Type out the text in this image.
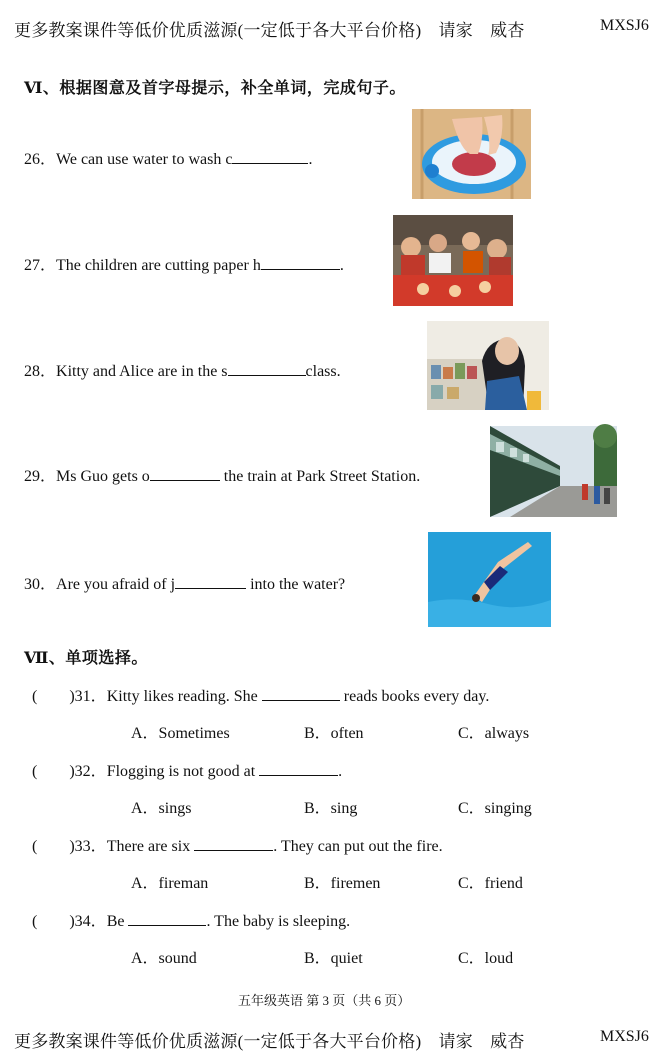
更多教案课件等低价优质滋源(一定低于各大平台价格)　请家　威杏	MXSJ6
Ⅵ、根据图意及首字母提示，补全单词，完成句子。
26．We can use water to wash c	.
27．The children are cutting paper h	.
28．Kitty and Alice are in the s	class.
29．Ms Guo gets o	the train at Park Street Station.
30．Are you afraid of j	into the water?
Ⅶ、单项选择。
(　　)31．Kitty likes reading. She	reads books every day.
A．Sometimes	B．often	C．always
(　　)32．Flogging is not good at	.
A．sings	B．sing	C．singing
(　　)33．There are six	. They can put out the fire.
A．fireman	B．firemen	C．friend
(　　)34．Be	. The baby is sleeping.
A．sound	B．quiet	C．loud
五年级英语 第 3 页（共 6 页）
更多教案课件等低价优质滋源(一定低于各大平台价格)　请家　威杏	MXSJ6
